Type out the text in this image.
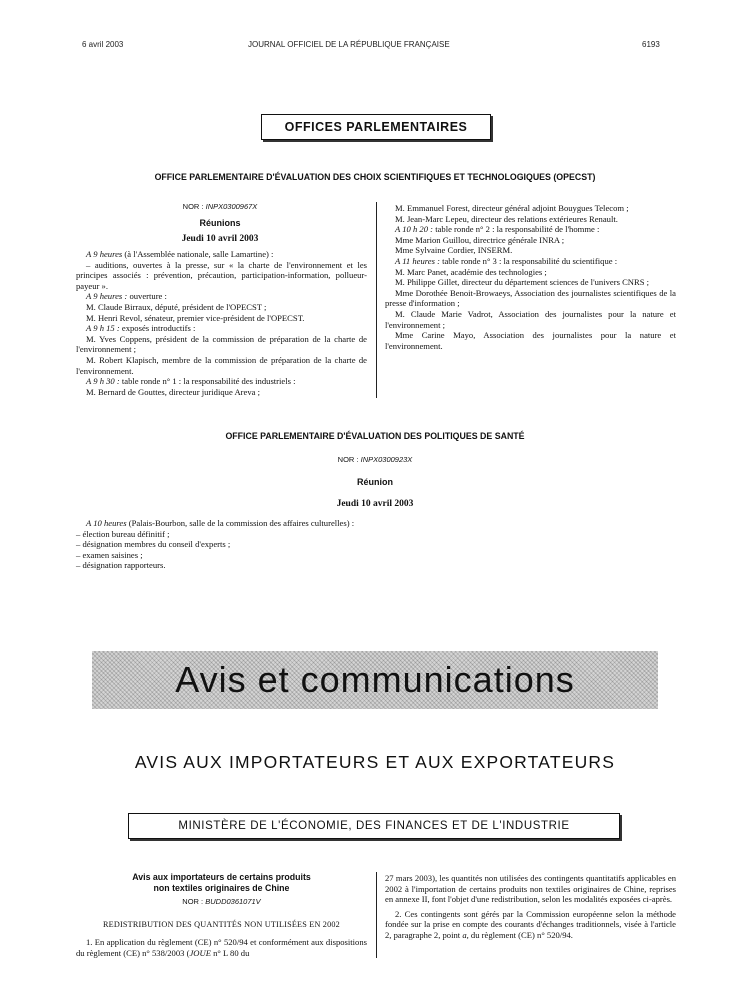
6 avril 2003	JOURNAL OFFICIEL DE LA RÉPUBLIQUE FRANÇAISE	6193
OFFICES PARLEMENTAIRES
OFFICE PARLEMENTAIRE D'ÉVALUATION DES CHOIX SCIENTIFIQUES ET TECHNOLOGIQUES (OPECST)
NOR : INPX0300967X
Réunions
Jeudi 10 avril 2003

A 9 heures (à l'Assemblée nationale, salle Lamartine) :

– auditions, ouvertes à la presse, sur « la charte de l'environnement et les principes associés : prévention, précaution, participation-information, pollueur-payeur ».

A 9 heures : ouverture :

M. Claude Birraux, député, président de l'OPECST ;

M. Henri Revol, sénateur, premier vice-président de l'OPECST.

A 9 h 15 : exposés introductifs :

M. Yves Coppens, président de la commission de préparation de la charte de l'environnement ;

M. Robert Klapisch, membre de la commission de préparation de la charte de l'environnement.

A 9 h 30 : table ronde n° 1 : la responsabilité des industriels :

M. Bernard de Gouttes, directeur juridique Areva ;

M. Emmanuel Forest, directeur général adjoint Bouygues Telecom ;

M. Jean-Marc Lepeu, directeur des relations extérieures Renault.

A 10 h 20 : table ronde n° 2 : la responsabilité de l'homme :

Mme Marion Guillou, directrice générale INRA ;

Mme Sylvaine Cordier, INSERM.

A 11 heures : table ronde n° 3 : la responsabilité du scientifique :

M. Marc Panet, académie des technologies ;

M. Philippe Gillet, directeur du département sciences de l'univers CNRS ;

Mme Dorothée Benoit-Browaeys, Association des journalistes scientifiques de la presse d'information ;

M. Claude Marie Vadrot, Association des journalistes pour la nature et l'environnement ;

Mme Carine Mayo, Association des journalistes pour la nature et l'environnement.

OFFICE PARLEMENTAIRE D'ÉVALUATION DES POLITIQUES DE SANTÉ
NOR : INPX0300923X
Réunion
Jeudi 10 avril 2003

A 10 heures (Palais-Bourbon, salle de la commission des affaires culturelles) :

– élection bureau définitif ;

– désignation membres du conseil d'experts ;

– examen saisines ;

– désignation rapporteurs.

Avis et communications
AVIS AUX IMPORTATEURS ET AUX EXPORTATEURS
MINISTÈRE DE L'ÉCONOMIE, DES FINANCES ET DE L'INDUSTRIE
Avis aux importateurs de certains produits
non textiles originaires de Chine
NOR : BUDD0361071V
REDISTRIBUTION DES QUANTITÉS NON UTILISÉES EN 2002

1. En application du règlement (CE) n° 520/94 et conformément aux dispositions du règlement (CE) n° 538/2003 (JOUE n° L 80 du

27 mars 2003), les quantités non utilisées des contingents quantitatifs applicables en 2002 à l'importation de certains produits non textiles originaires de Chine, reprises en annexe II, font l'objet d'une redistribution, selon les modalités exposées ci-après.

2. Ces contingents sont gérés par la Commission européenne selon la méthode fondée sur la prise en compte des courants d'échanges traditionnels, visée à l'article 2, paragraphe 2, point a, du règlement (CE) n° 520/94.
